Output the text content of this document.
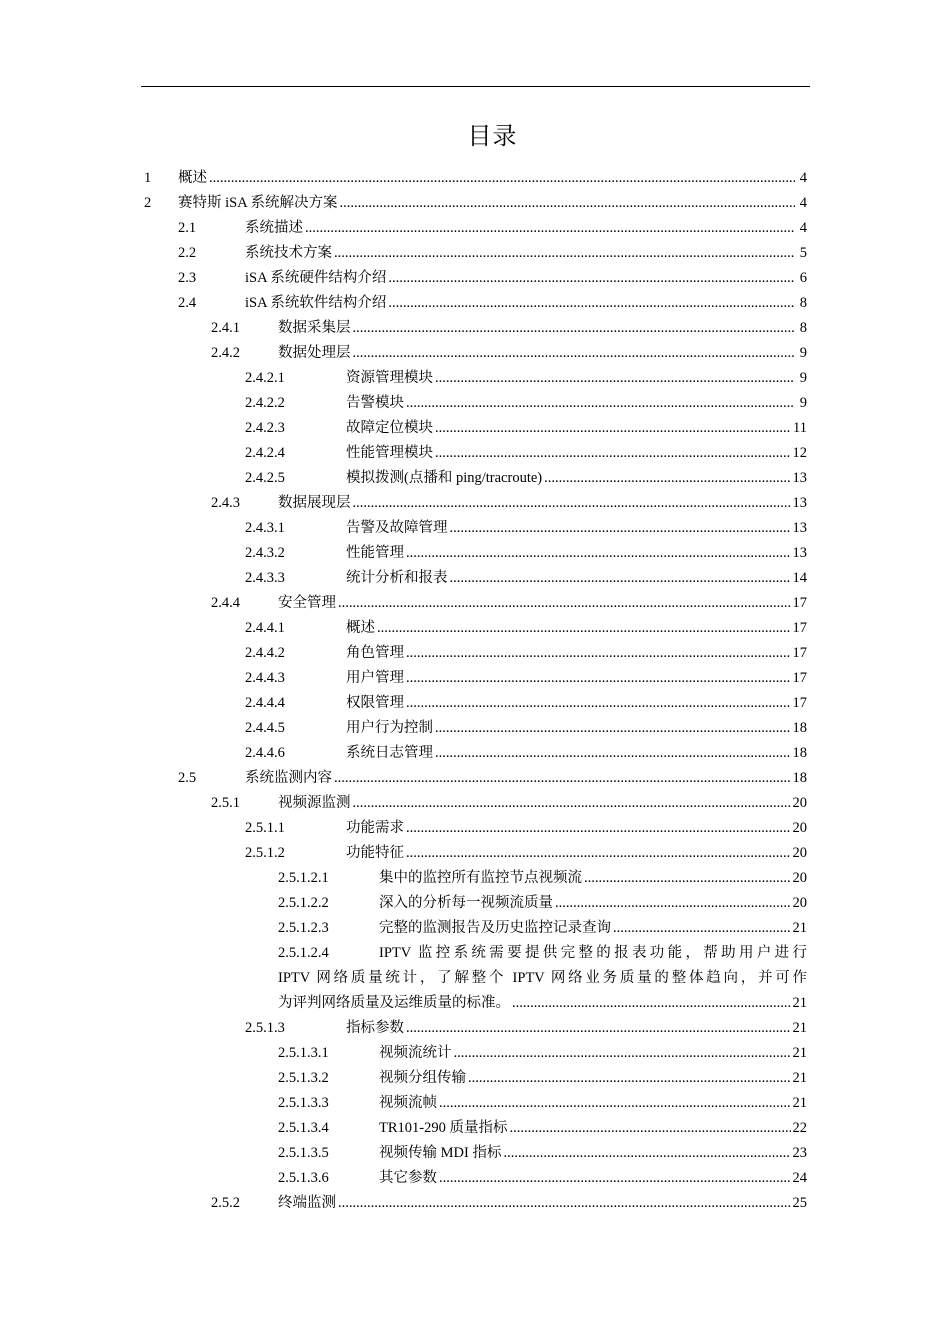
目录
1 概述 .....	4
2 赛特斯 iSA 系统解决方案 .....	4
2.1	系统描述 .....	4
2.2	系统技术方案 .....	5
2.3	iSA 系统硬件结构介绍 .....	6
2.4	iSA 系统软件结构介绍 .....	8
2.4.1	数据采集层 .....	8
2.4.2	数据处理层 .....	9
2.4.2.1	资源管理模块 .....	9
2.4.2.2	告警模块 .....	9
2.4.2.3	故障定位模块 .....	11
2.4.2.4	性能管理模块 .....	12
2.4.2.5	模拟拨测(点播和 ping/tracroute) .....	13
2.4.3	数据展现层 .....	13
2.4.3.1	告警及故障管理 .....	13
2.4.3.2	性能管理 .....	13
2.4.3.3	统计分析和报表 .....	14
2.4.4	安全管理 .....	17
2.4.4.1	概述 .....	17
2.4.4.2	角色管理 .....	17
2.4.4.3	用户管理 .....	17
2.4.4.4	权限管理 .....	17
2.4.4.5	用户行为控制 .....	18
2.4.4.6	系统日志管理 .....	18
2.5	系统监测内容 .....	18
2.5.1	视频源监测 .....	20
2.5.1.1	功能需求 .....	20
2.5.1.2	功能特征 .....	20
2.5.1.2.1	集中的监控所有监控节点视频流 .....	20
2.5.1.2.2	深入的分析每一视频流质量 .....	20
2.5.1.2.3	完整的监测报告及历史监控记录查询 .....	21
2.5.1.2.4	IPTV 监控系统需要提供完整的报表功能，帮助用户进行
IPTV 网络质量统计，了解整个 IPTV 网络业务质量的整体趋向，并可作
为评判网络质量及运维质量的标准。 .....	21
2.5.1.3	指标参数 .....	21
2.5.1.3.1	视频流统计 .....	21
2.5.1.3.2	视频分组传输 .....	21
2.5.1.3.3	视频流帧 .....	21
2.5.1.3.4	TR101-290 质量指标 .....	22
2.5.1.3.5	视频传输 MDI 指标 .....	23
2.5.1.3.6	其它参数 .....	24
2.5.2	终端监测 .....	25
